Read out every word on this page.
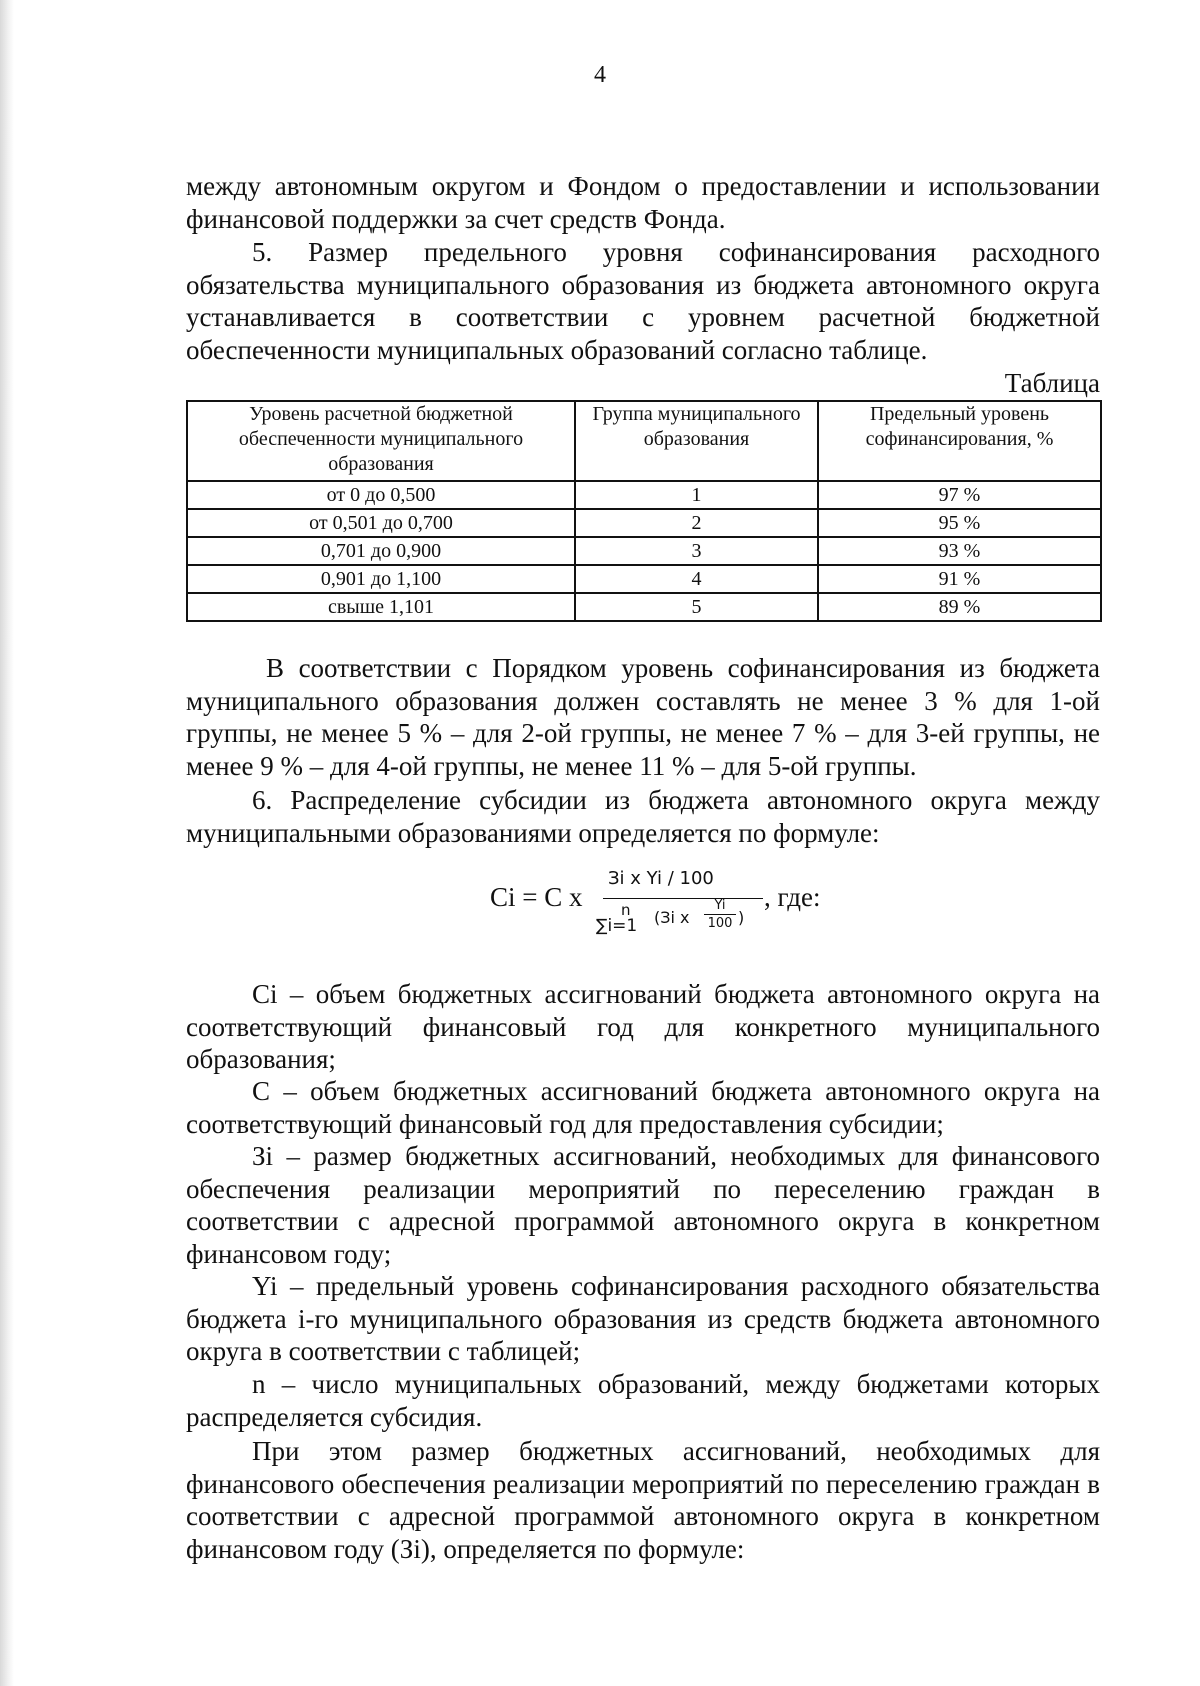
4
между автономным округом и Фондом о предоставлении и использовании финансовой поддержки за счет средств Фонда.
5. Размер предельного уровня софинансирования расходного обязательства муниципального образования из бюджета автономного округа устанавливается в соответствии с уровнем расчетной бюджетной обеспеченности муниципальных образований согласно таблице.
Таблица
Уровень расчетной бюджетной обеспеченности муниципального образования	Группа муниципального образования	Предельный уровень софинансирования, %
от 0 до 0,500	1	97 %
от 0,501 до 0,700	2	95 %
0,701 до 0,900	3	93 %
0,901 до 1,100	4	91 %
свыше 1,101	5	89 %
В соответствии с Порядком уровень софинансирования из бюджета муниципального образования должен составлять не менее 3 % для 1-ой группы, не менее 5 % – для 2-ой группы, не менее 7 % – для 3-ей группы, не менее 9 % – для 4-ой группы, не менее 11 % – для 5-ой группы.
6. Распределение субсидии из бюджета автономного округа между муниципальными образованиями определяется по формуле:
Ci = C x
Зi x Yi / 100
n
∑i=1 (Зi x
Yi
100 )
, где:
Ci – объем бюджетных ассигнований бюджета автономного округа на соответствующий финансовый год для конкретного муниципального образования;
C – объем бюджетных ассигнований бюджета автономного округа на соответствующий финансовый год для предоставления субсидии;
Зi – размер бюджетных ассигнований, необходимых для финансового обеспечения реализации мероприятий по переселению граждан в соответствии с адресной программой автономного округа в конкретном финансовом году;
Yi – предельный уровень софинансирования расходного обязательства бюджета i-го муниципального образования из средств бюджета автономного округа в соответствии с таблицей;
n – число муниципальных образований, между бюджетами которых распределяется субсидия.
При этом размер бюджетных ассигнований, необходимых для финансового обеспечения реализации мероприятий по переселению граждан в соответствии с адресной программой автономного округа в конкретном финансовом году (Зi), определяется по формуле:
